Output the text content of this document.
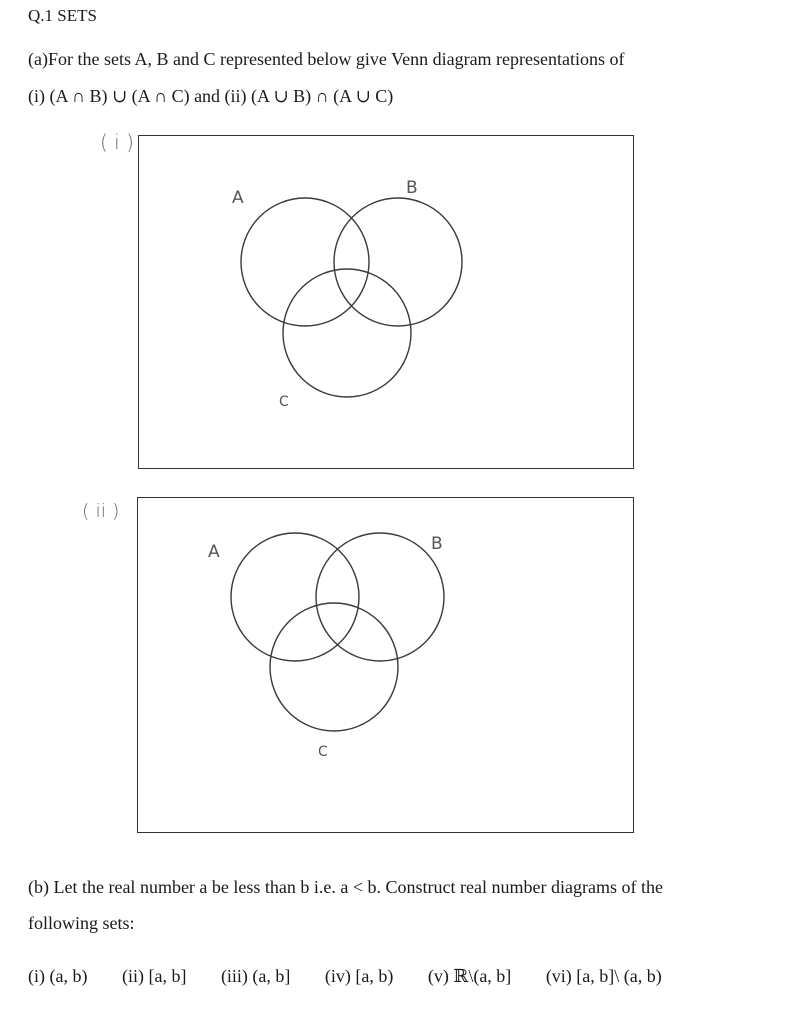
Q.1 SETS
(a)For the sets A, B and C represented below give Venn diagram representations of
(i) (A ∩ B) ∪ (A ∩ C) and (ii) (A ∪ B) ∩ (A ∪ C)
( i )
A	B
C
( ii )
A	B
C
(b) Let the real number a be less than b i.e. a < b. Construct real number diagrams of the
following sets:
(i) (a, b) (ii) [a, b] (iii) (a, b] (iv) [a, b) (v) ℝ\(a, b] (vi) [a, b]\ (a, b)
